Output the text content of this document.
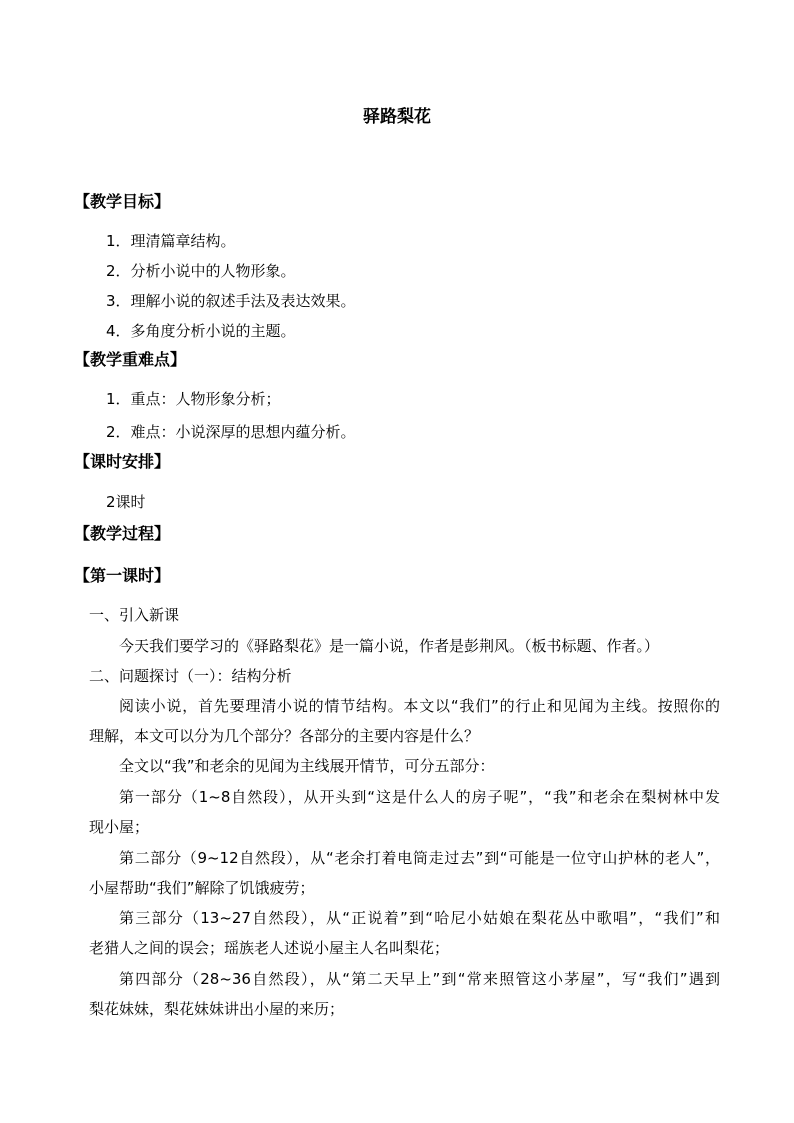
驿路梨花
【教学目标】
1．理清篇章结构。
2．分析小说中的人物形象。
3．理解小说的叙述手法及表达效果。
4．多角度分析小说的主题。
【教学重难点】
1．重点：人物形象分析；
2．难点：小说深厚的思想内蕴分析。
【课时安排】
2课时
【教学过程】
【第一课时】
一、引入新课
今天我们要学习的《驿路梨花》是一篇小说，作者是彭荆风。（板书标题、作者。）
二、问题探讨（一）：结构分析
阅读小说，首先要理清小说的情节结构。本文以“我们”的行止和见闻为主线。按照你的
理解，本文可以分为几个部分？各部分的主要内容是什么？
全文以“我”和老余的见闻为主线展开情节，可分五部分：
第一部分（1~8自然段），从开头到“这是什么人的房子呢”，“我”和老余在梨树林中发
现小屋；
第二部分（9~12自然段），从“老余打着电筒走过去”到“可能是一位守山护林的老人”，
小屋帮助“我们”解除了饥饿疲劳；
第三部分（13~27自然段），从“正说着”到“哈尼小姑娘在梨花丛中歌唱”，“我们”和
老猎人之间的误会；瑶族老人述说小屋主人名叫梨花；
第四部分（28~36自然段），从“第二天早上”到“常来照管这小茅屋”，写“我们”遇到
梨花妹妹，梨花妹妹讲出小屋的来历；
